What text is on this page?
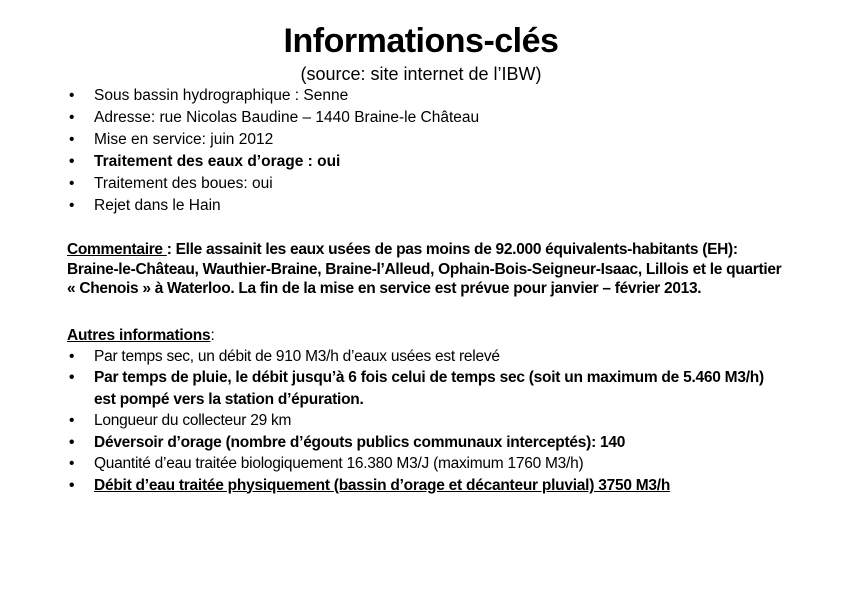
Informations-clés
(source: site internet de l’IBW)
• Sous bassin hydrographique : Senne
• Adresse: rue Nicolas Baudine – 1440 Braine-le Château
• Mise en service: juin 2012
• Traitement des eaux d’orage : oui
• Traitement des boues: oui
• Rejet dans le Hain

Commentaire : Elle assainit les eaux usées de pas moins de 92.000 équivalents-habitants (EH): Braine-le-Château, Wauthier-Braine, Braine-l’Alleud, Ophain-Bois-Seigneur-Isaac, Lillois et le quartier « Chenois » à Waterloo. La fin de la mise en service est prévue pour janvier – février 2013.

Autres informations:
• Par temps sec, un débit de 910 M3/h d’eaux usées est relevé
• Par temps de pluie, le débit jusqu’à 6 fois celui de temps sec (soit un maximum de 5.460 M3/h) est pompé vers la station d’épuration.
• Longueur du collecteur 29 km
• Déversoir d’orage (nombre d’égouts publics communaux interceptés): 140
• Quantité d’eau traitée biologiquement 16.380 M3/J (maximum 1760 M3/h)
• Débit d’eau traitée physiquement (bassin d’orage et décanteur pluvial) 3750 M3/h
